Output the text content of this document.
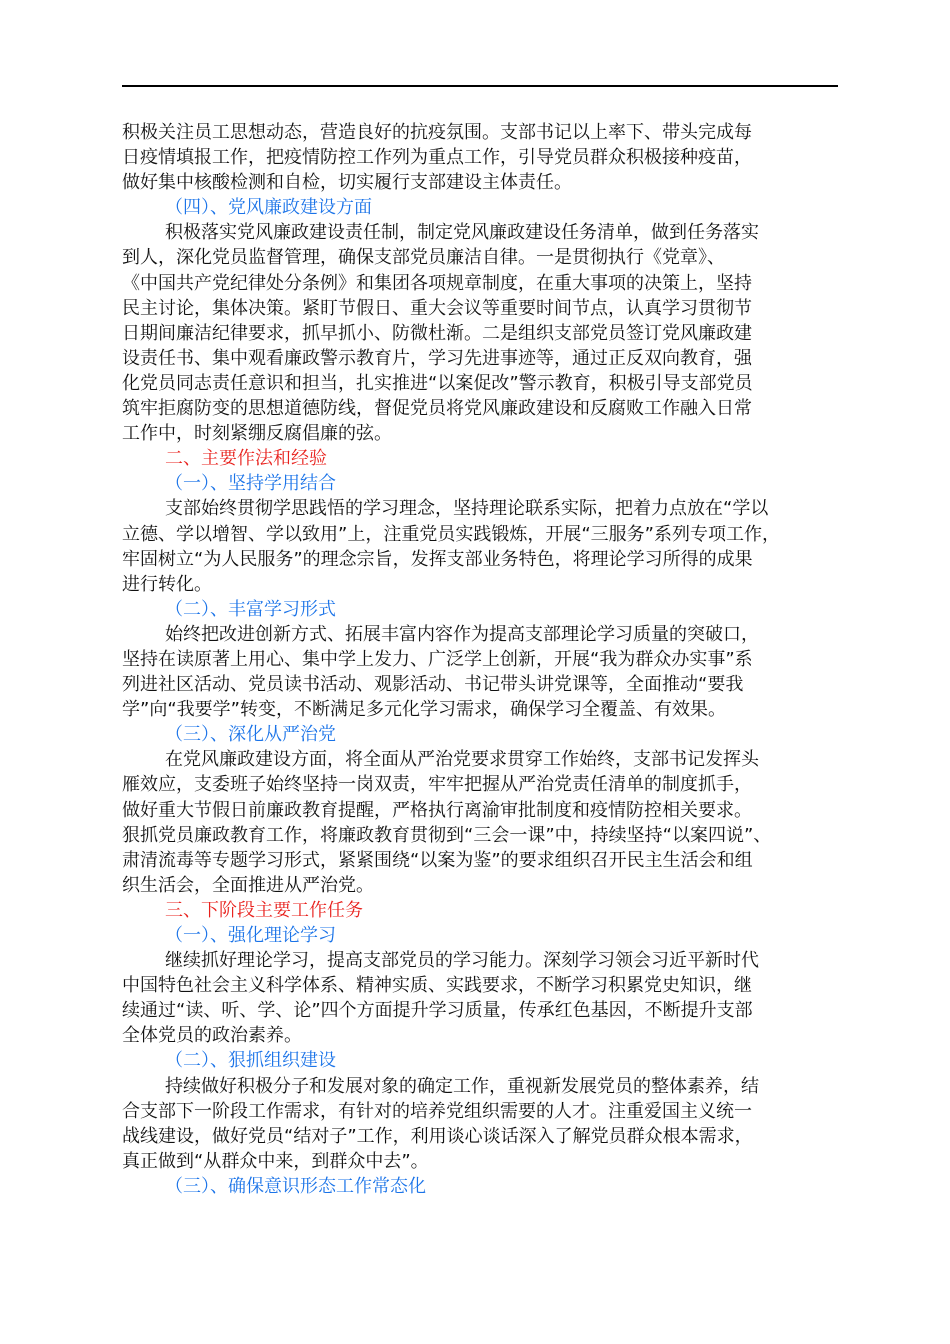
积极关注员工思想动态，营造良好的抗疫氛围。支部书记以上率下、带头完成每
日疫情填报工作，把疫情防控工作列为重点工作，引导党员群众积极接种疫苗，
做好集中核酸检测和自检，切实履行支部建设主体责任。
（四）、党风廉政建设方面
积极落实党风廉政建设责任制，制定党风廉政建设任务清单，做到任务落实
到人，深化党员监督管理，确保支部党员廉洁自律。一是贯彻执行《党章》、
《中国共产党纪律处分条例》和集团各项规章制度，在重大事项的决策上，坚持
民主讨论，集体决策。紧盯节假日、重大会议等重要时间节点，认真学习贯彻节
日期间廉洁纪律要求，抓早抓小、防微杜渐。二是组织支部党员签订党风廉政建
设责任书、集中观看廉政警示教育片，学习先进事迹等，通过正反双向教育，强
化党员同志责任意识和担当，扎实推进“以案促改”警示教育，积极引导支部党员
筑牢拒腐防变的思想道德防线，督促党员将党风廉政建设和反腐败工作融入日常
工作中，时刻紧绷反腐倡廉的弦。
二、主要作法和经验
（一）、坚持学用结合
支部始终贯彻学思践悟的学习理念，坚持理论联系实际，把着力点放在“学以
立德、学以增智、学以致用”上，注重党员实践锻炼，开展“三服务”系列专项工作，
牢固树立“为人民服务”的理念宗旨，发挥支部业务特色，将理论学习所得的成果
进行转化。
（二）、丰富学习形式
始终把改进创新方式、拓展丰富内容作为提高支部理论学习质量的突破口，
坚持在读原著上用心、集中学上发力、广泛学上创新，开展“我为群众办实事”系
列进社区活动、党员读书活动、观影活动、书记带头讲党课等，全面推动“要我
学”向“我要学”转变，不断满足多元化学习需求，确保学习全覆盖、有效果。
（三）、深化从严治党
在党风廉政建设方面，将全面从严治党要求贯穿工作始终，支部书记发挥头
雁效应，支委班子始终坚持一岗双责，牢牢把握从严治党责任清单的制度抓手，
做好重大节假日前廉政教育提醒，严格执行离渝审批制度和疫情防控相关要求。
狠抓党员廉政教育工作，将廉政教育贯彻到“三会一课”中，持续坚持“以案四说”、
肃清流毒等专题学习形式，紧紧围绕“以案为鉴”的要求组织召开民主生活会和组
织生活会，全面推进从严治党。
三、下阶段主要工作任务
（一）、强化理论学习
继续抓好理论学习，提高支部党员的学习能力。深刻学习领会习近平新时代
中国特色社会主义科学体系、精神实质、实践要求，不断学习积累党史知识，继
续通过“读、听、学、论”四个方面提升学习质量，传承红色基因，不断提升支部
全体党员的政治素养。
（二）、狠抓组织建设
持续做好积极分子和发展对象的确定工作，重视新发展党员的整体素养，结
合支部下一阶段工作需求，有针对的培养党组织需要的人才。注重爱国主义统一
战线建设，做好党员“结对子”工作，利用谈心谈话深入了解党员群众根本需求，
真正做到“从群众中来，到群众中去”。
（三）、确保意识形态工作常态化
